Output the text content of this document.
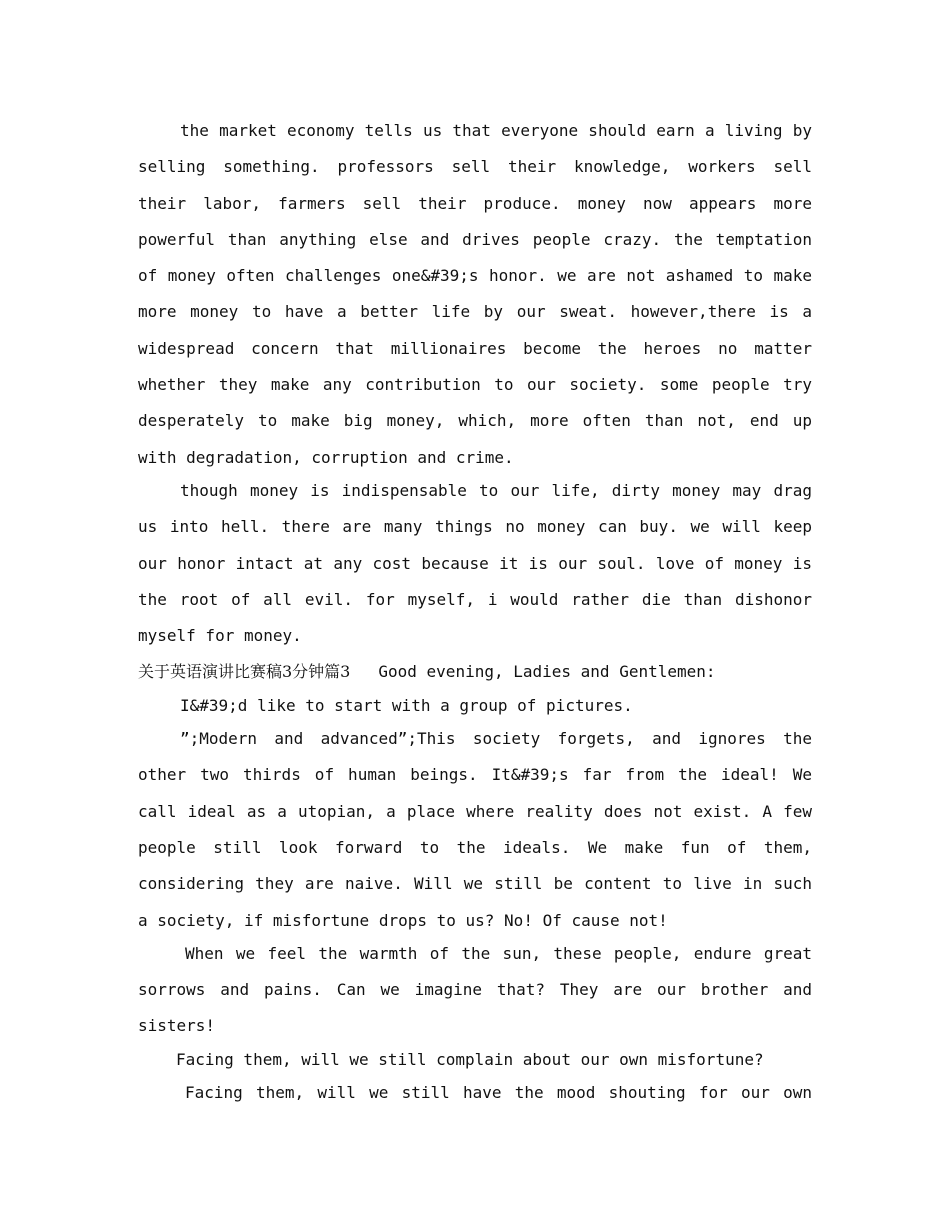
the market economy tells us that everyone should earn a living by selling something. professors sell their knowledge, workers sell their labor, farmers sell their produce. money now appears more powerful than anything else and drives people crazy. the temptation of money often challenges one&#39;s honor. we are not ashamed to make more money to have a better life by our sweat. however,there is a widespread concern that millionaires become the heroes no matter whether they make any contribution to our society. some people try desperately to make big money, which, more often than not, end up with degradation, corruption and crime.

though money is indispensable to our life, dirty money may drag us into hell. there are many things no money can buy. we will keep our honor intact at any cost because it is our soul. love of money is the root of all evil. for myself, i would rather die than dishonor myself for money.

关于英语演讲比赛稿3分钟篇3 Good evening, Ladies and Gentlemen:

I&#39;d like to start with a group of pictures.

”;Modern and advanced”;This society forgets, and ignores the other two thirds of human beings. It&#39;s far from the ideal! We call ideal as a utopian, a place where reality does not exist. A few people still look forward to the ideals. We make fun of them, considering they are naive. Will we still be content to live in such a society, if misfortune drops to us? No! Of cause not!

When we feel the warmth of the sun, these people, endure great sorrows and pains. Can we imagine that? They are our brother and sisters!

Facing them, will we still complain about our own misfortune?

Facing them, will we still have the mood shouting for our own
